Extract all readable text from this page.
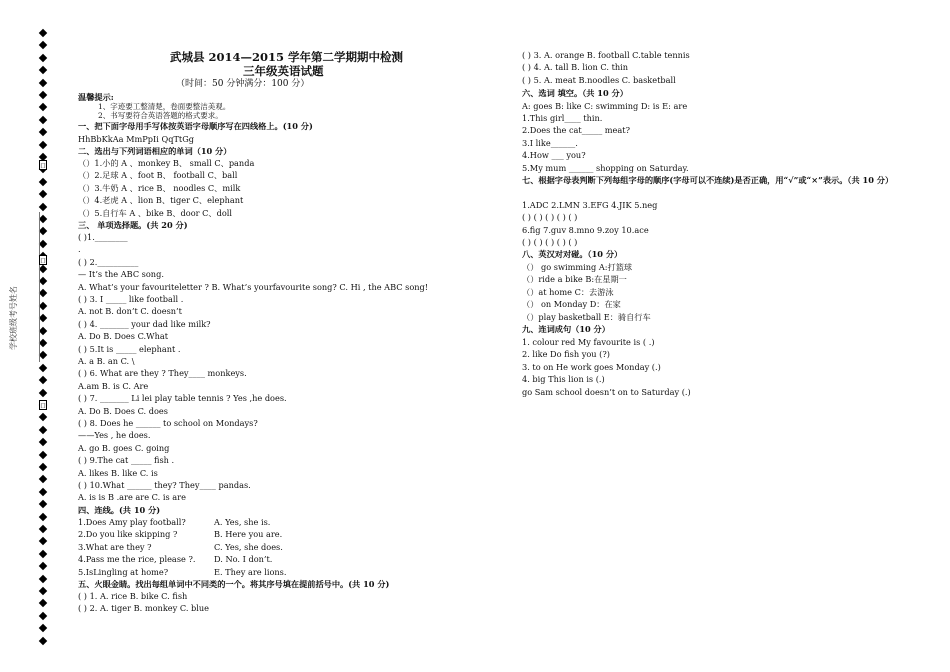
学校班级考号姓名
武城县 2014—2015 学年第二学期期中检测
三年级英语试题
（时间：50 分钟满分：100 分）
温馨提示:
1、字迹要工整清楚，卷面要整洁美观。
2、书写要符合英语答题的格式要求。
一、把下面字母用手写体按英语字母顺序写在四线格上。(10 分)
HhBbKkAa MmPpIi QqTtGg
二、选出与下列词语相应的单词（10 分）
（）1.小的 A 、monkey B、 small C、panda
（）2.足球 A 、foot B、 football C、ball
（）3.牛奶 A 、rice B、 noodles C、milk
（）4.老虎 A 、lion B、tiger C、elephant
（）5.自行车 A 、bike B、door C、doll
三、 单项选择题。(共 20 分)
( )1.________
.
( ) 2.__________
— It’s the ABC song.
A. What’s your favouriteletter ? B. What’s yourfavourite song? C. Hi , the ABC song!
( ) 3. I _____ like football .
A. not B. don’t C. doesn’t
( ) 4. _______ your dad like milk?
A. Do B. Does C.What
( ) 5.It is _____ elephant .
A. a B. an C. \
( ) 6. What are they ? They____ monkeys.
A.am B. is C. Are
( ) 7. _______ Li lei play table tennis ? Yes ,he does.
A. Do B. Does C. does
( ) 8. Does he ______ to school on Mondays?
——Yes , he does.
A. go B. goes C. going
( ) 9.The cat _____ fish .
A. likes B. like C. is
( ) 10.What ______ they? They____ pandas.
A. is is B .are are C. is are
四、连线。(共 10 分)
1.Does Amy play football?
2.Do you like skipping ?
3.What are they ?
4.Pass me the rice, please ?.
5.IsLingling at home?
A. Yes, she is.
B. Here you are.
C. Yes, she does.
D. No. I don’t.
E. They are lions.
五、火眼金睛。找出每组单词中不同类的一个。将其序号填在提前括号中。(共 10 分)
( ) 1. A. rice B. bike C. fish
( ) 2. A. tiger B. monkey C. blue
( ) 3. A. orange B. football C.table tennis
( ) 4. A. tall B. lion C. thin
( ) 5. A. meat B.noodles C. basketball
六、选词 填空。（共 10 分）
A: goes B: like C: swimming D: is E: are
1.This girl____ thin.
2.Does the cat_____ meat?
3.I like______.
4.How ___ you?
5.My mum ______ shopping on Saturday.
七、根据字母表判断下列每组字母的顺序(字母可以不连续)是否正确，用“√”或“×”表示。（共 10 分）
1.ADC 2.LMN 3.EFG 4.JIK 5.neg
( ) ( ) ( ) ( ) ( )
6.fig 7.guv 8.mno 9.zoy 10.ace
( ) ( ) ( ) ( ) ( )
八、英汉对对碰。（10 分）
（） go swimming A:打篮球
（）ride a bike B:在星期一
（）at home C：去游泳
（） on Monday D：在家
（）play basketball E：骑自行车
九、连词成句（10 分）
1. colour red My favourite is ( .)
2. like Do fish you (?)
3. to on He work goes Monday (.)
4. big This lion is (.)
go Sam school doesn’t on to Saturday (.)
口
口
口
